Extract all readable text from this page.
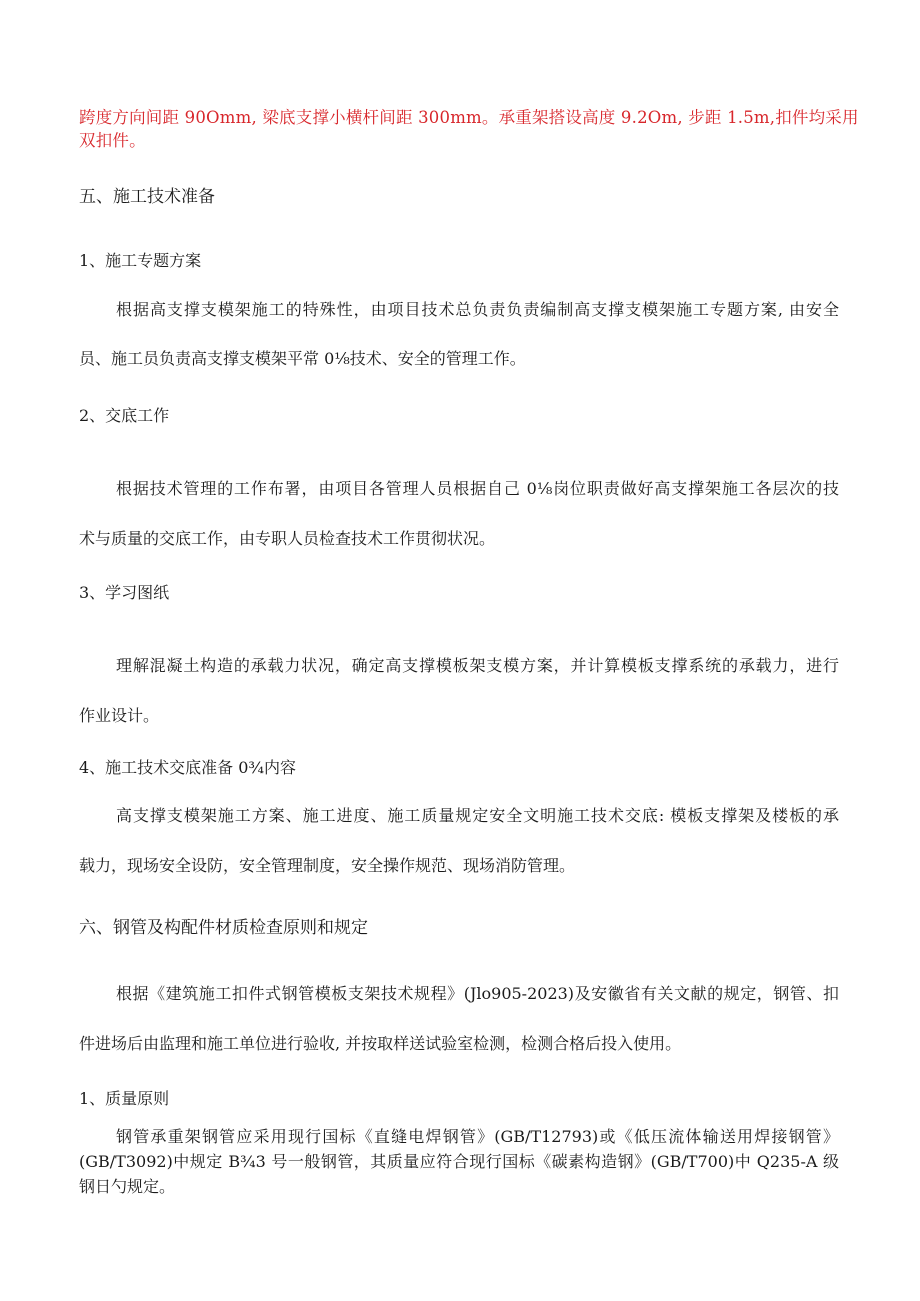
跨度方向间距 90Omm, 梁底支撑小横杆间距 300mm。承重架搭设高度 9.2Om, 步距 1.5m,扣件均采用
双扣件。
五、施工技术准备
1、施工专题方案
根据高支撑支模架施工的特殊性，由项目技术总负责负责编制高支撑支模架施工专题方案, 由安全
员、施工员负责高支撑支模架平常 0⅛技术、安全的管理工作。
2、交底工作
根据技术管理的工作布署，由项目各管理人员根据自己 0⅛岗位职责做好高支撑架施工各层次的技
术与质量的交底工作，由专职人员检查技术工作贯彻状况。
3、学习图纸
理解混凝土构造的承载力状况，确定高支撑模板架支模方案，并计算模板支撑系统的承载力，进行
作业设计。
4、施工技术交底准备 0¾内容
高支撑支模架施工方案、施工进度、施工质量规定安全文明施工技术交底: 模板支撑架及楼板的承
载力，现场安全设防，安全管理制度，安全操作规范、现场消防管理。
六、钢管及构配件材质检查原则和规定
根据《建筑施工扣件式钢管模板支架技术规程》(Jlo905-2023)及安徽省有关文献的规定，钢管、扣
件进场后由监理和施工单位进行验收, 并按取样送试验室检测，检测合格后投入使用。
1、质量原则
钢管承重架钢管应采用现行国标《直缝电焊钢管》(GB/T12793)或《低压流体输送用焊接钢管》
(GB/T3092)中规定 B¾3 号一般钢管，其质量应符合现行国标《碳素构造钢》(GB/T700)中 Q235-A 级
钢日勺规定。
